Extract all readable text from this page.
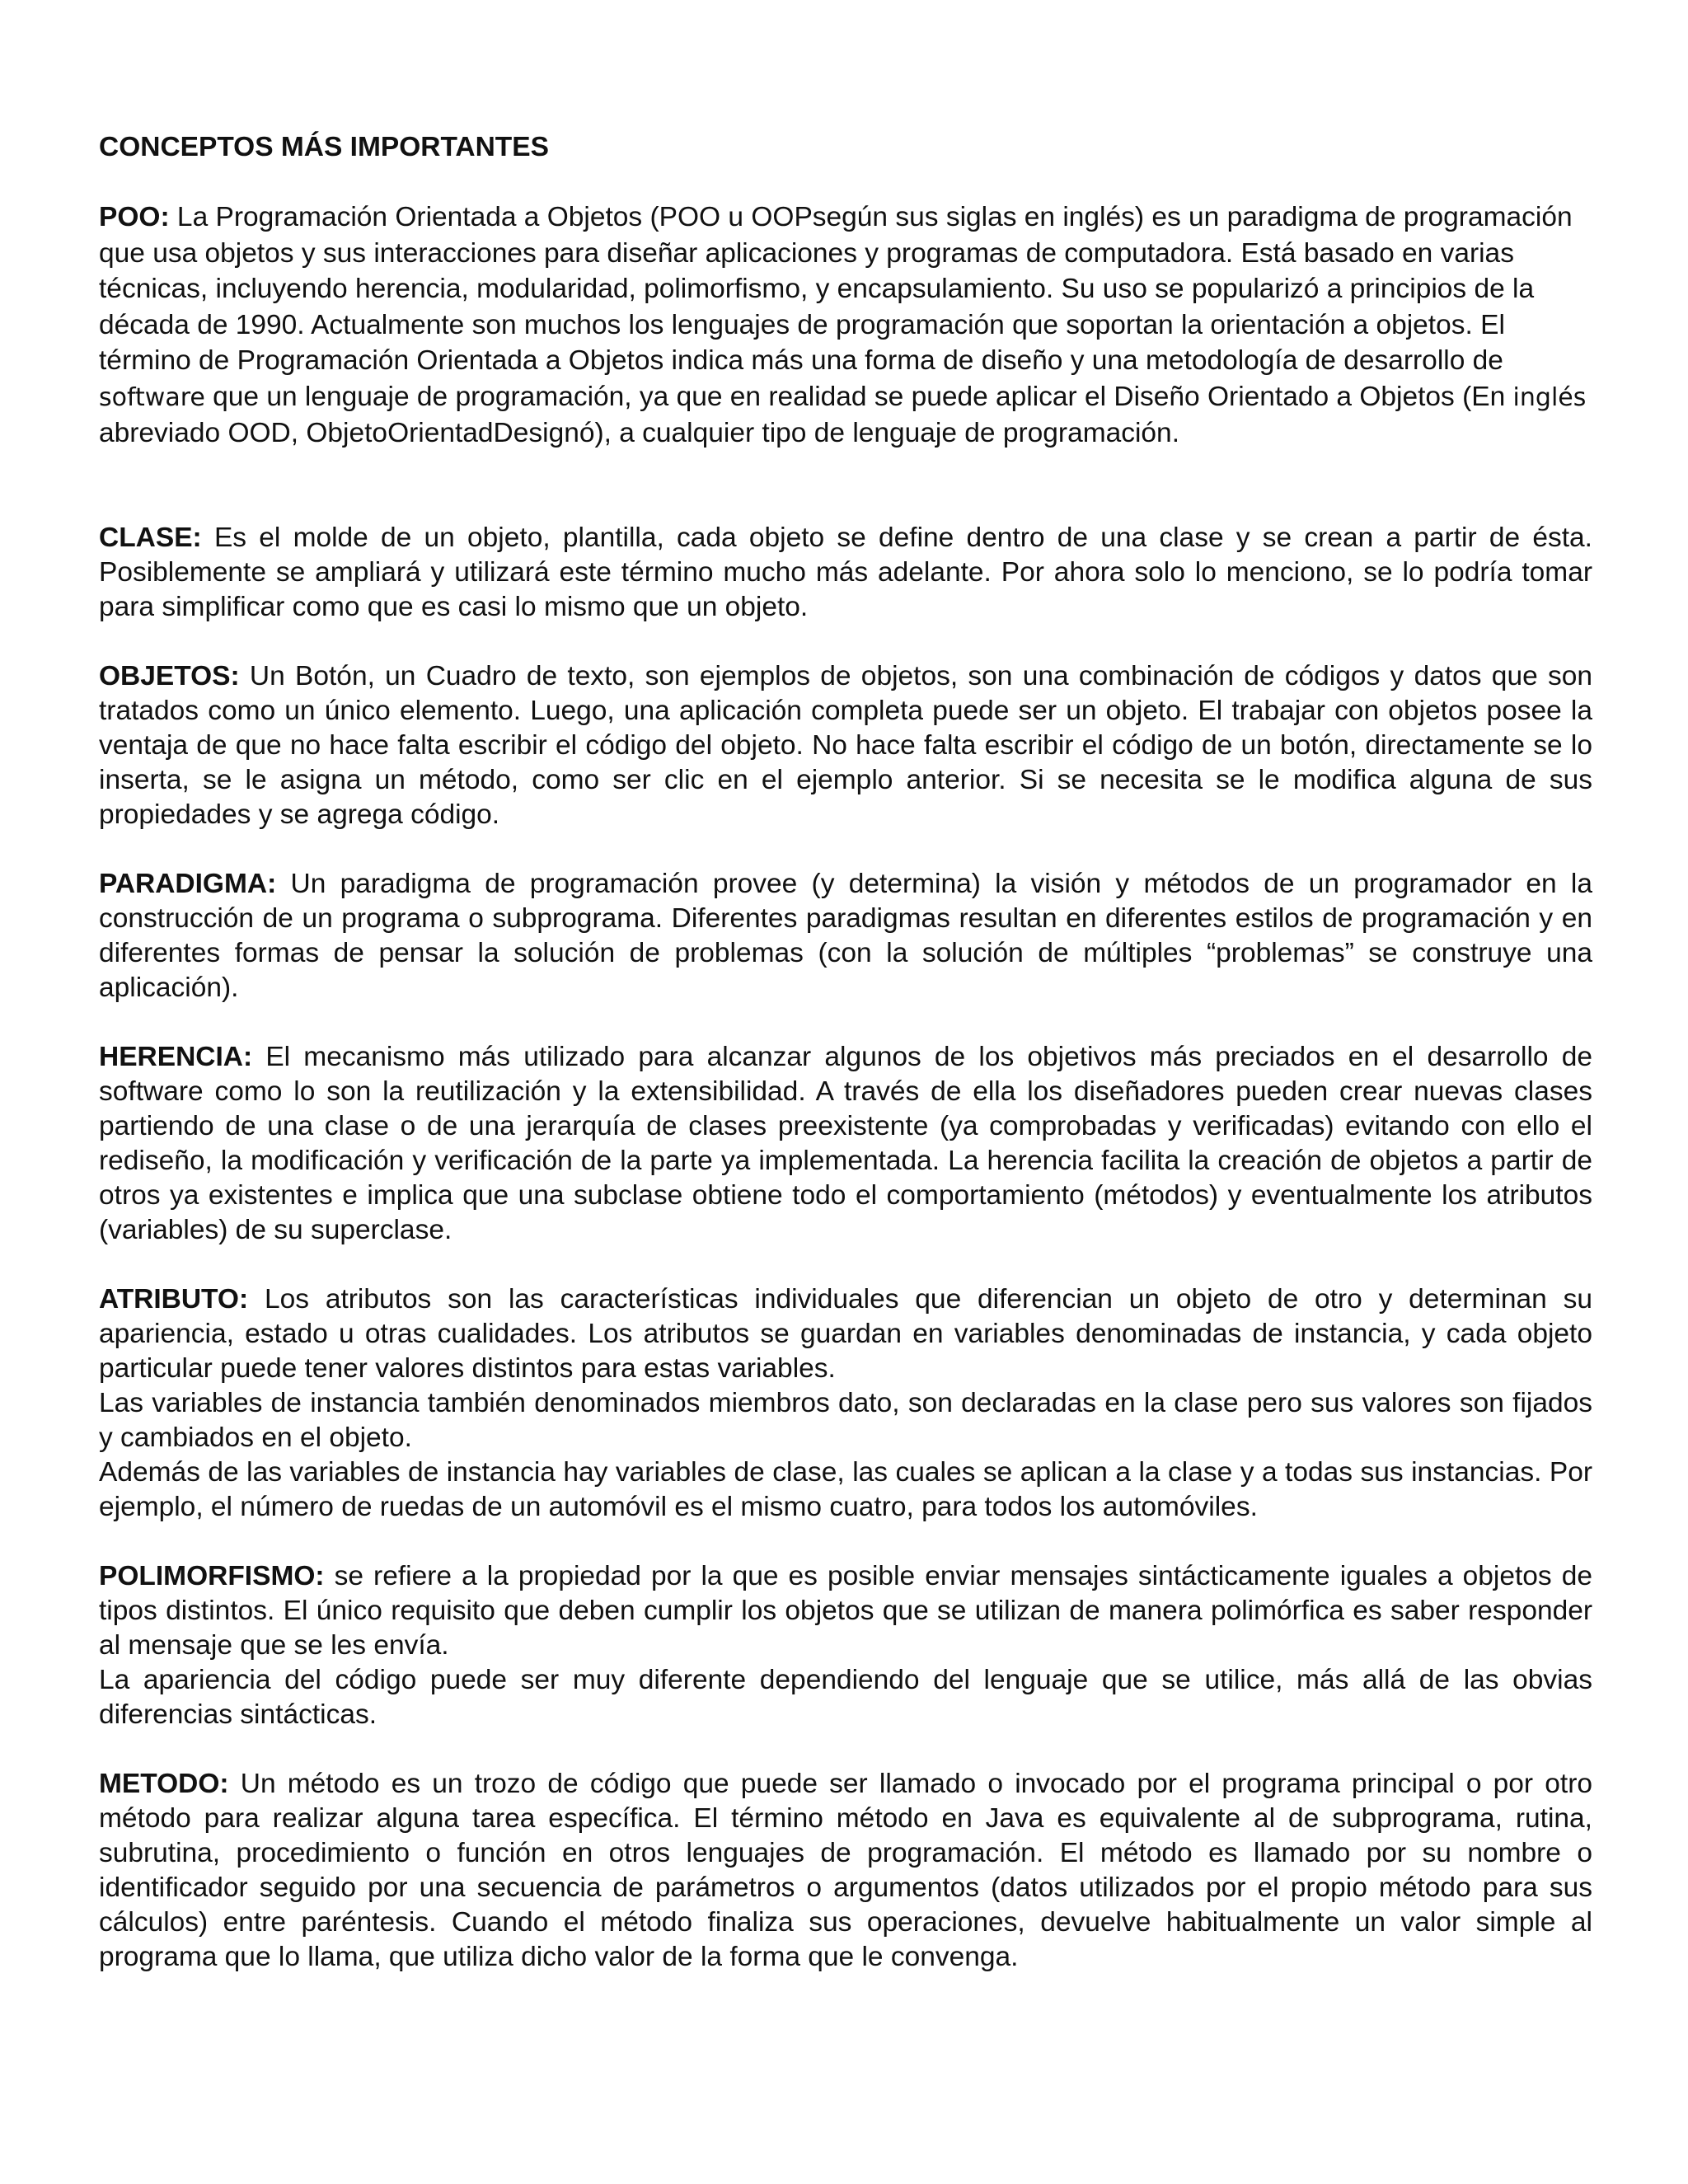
CONCEPTOS MÁS IMPORTANTES

POO: La Programación Orientada a Objetos (POO u OOPsegún sus siglas en inglés) es un paradigma de programación que usa objetos y sus interacciones para diseñar aplicaciones y programas de computadora. Está basado en varias técnicas, incluyendo herencia, modularidad, polimorfismo, y encapsulamiento. Su uso se popularizó a principios de la década de 1990. Actualmente son muchos los lenguajes de programación que soportan la orientación a objetos. El término de Programación Orientada a Objetos indica más una forma de diseño y una metodología de desarrollo de software que un lenguaje de programación, ya que en realidad se puede aplicar el Diseño Orientado a Objetos (En inglés abreviado OOD, ObjetoOrientadDesignó), a cualquier tipo de lenguaje de programación.

CLASE: Es el molde de un objeto, plantilla, cada objeto se define dentro de una clase y se crean a partir de ésta. Posiblemente se ampliará y utilizará este término mucho más adelante. Por ahora solo lo menciono, se lo podría tomar para simplificar como que es casi lo mismo que un objeto.

OBJETOS: Un Botón, un Cuadro de texto, son ejemplos de objetos, son una combinación de códigos y datos que son tratados como un único elemento. Luego, una aplicación completa puede ser un objeto. El trabajar con objetos posee la ventaja de que no hace falta escribir el código del objeto. No hace falta escribir el código de un botón, directamente se lo inserta, se le asigna un método, como ser clic en el ejemplo anterior. Si se necesita se le modifica alguna de sus propiedades y se agrega código.

PARADIGMA: Un paradigma de programación provee (y determina) la visión y métodos de un programador en la construcción de un programa o subprograma. Diferentes paradigmas resultan en diferentes estilos de programación y en diferentes formas de pensar la solución de problemas (con la solución de múltiples “problemas” se construye una aplicación).

HERENCIA: El mecanismo más utilizado para alcanzar algunos de los objetivos más preciados en el desarrollo de software como lo son la reutilización y la extensibilidad. A través de ella los diseñadores pueden crear nuevas clases partiendo de una clase o de una jerarquía de clases preexistente (ya comprobadas y verificadas) evitando con ello el rediseño, la modificación y verificación de la parte ya implementada. La herencia facilita la creación de objetos a partir de otros ya existentes e implica que una subclase obtiene todo el comportamiento (métodos) y eventualmente los atributos (variables) de su superclase.

ATRIBUTO: Los atributos son las características individuales que diferencian un objeto de otro y determinan su apariencia, estado u otras cualidades. Los atributos se guardan en variables denominadas de instancia, y cada objeto particular puede tener valores distintos para estas variables.

Las variables de instancia también denominados miembros dato, son declaradas en la clase pero sus valores son fijados y cambiados en el objeto.

Además de las variables de instancia hay variables de clase, las cuales se aplican a la clase y a todas sus instancias. Por ejemplo, el número de ruedas de un automóvil es el mismo cuatro, para todos los automóviles.

POLIMORFISMO: se refiere a la propiedad por la que es posible enviar mensajes sintácticamente iguales a objetos de tipos distintos. El único requisito que deben cumplir los objetos que se utilizan de manera polimórfica es saber responder al mensaje que se les envía.

La apariencia del código puede ser muy diferente dependiendo del lenguaje que se utilice, más allá de las obvias diferencias sintácticas.

METODO: Un método es un trozo de código que puede ser llamado o invocado por el programa principal o por otro método para realizar alguna tarea específica. El término método en Java es equivalente al de subprograma, rutina, subrutina, procedimiento o función en otros lenguajes de programación. El método es llamado por su nombre o identificador seguido por una secuencia de parámetros o argumentos (datos utilizados por el propio método para sus cálculos) entre paréntesis. Cuando el método finaliza sus operaciones, devuelve habitualmente un valor simple al programa que lo llama, que utiliza dicho valor de la forma que le convenga.
